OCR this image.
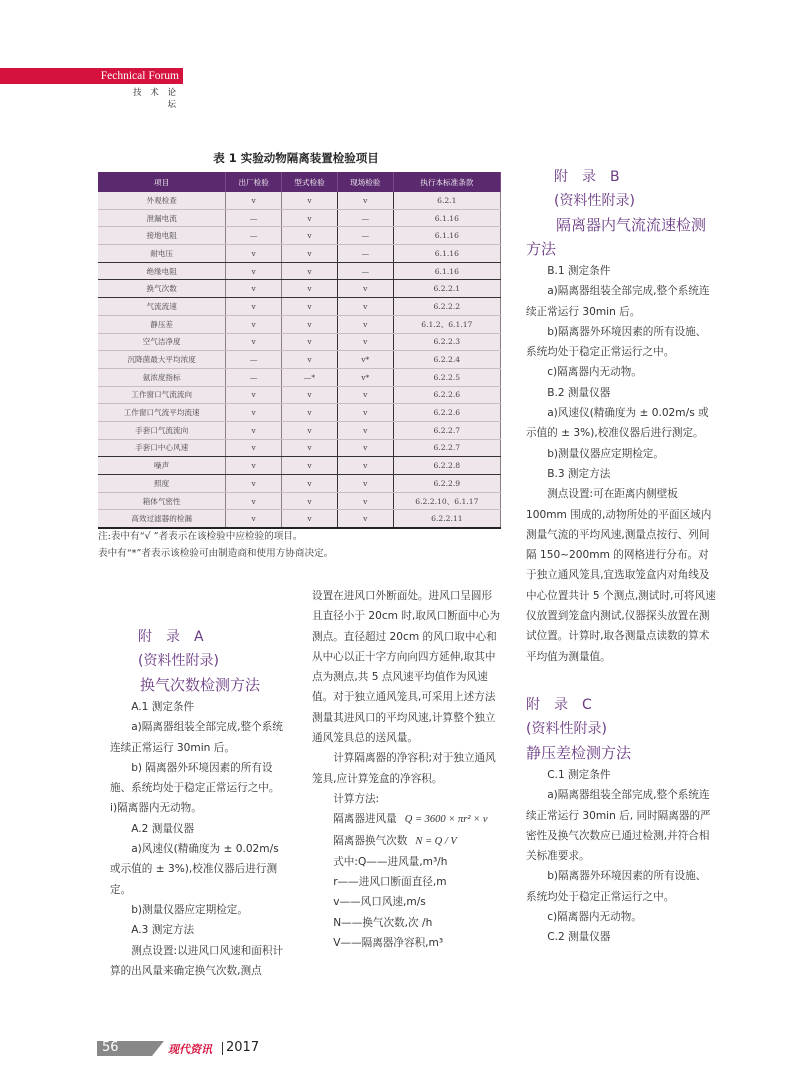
Fechnical Forum
技 术 论 坛
表 1 实验动物隔离装置检验项目
项目	出厂检验	型式检验	现场检验	执行本标准条款
外观检查	v	v	v	6.2.1
泄漏电流	—	v	—	6.1.16
接地电阻	—	v	—	6.1.16
耐电压	v	v	—	6.1.16
绝缘电阻	v	v	—	6.1.16
换气次数	v	v	v	6.2.2.1
气流流速	v	v	v	6.2.2.2
静压差	v	v	v	6.1.2、6.1.17
空气洁净度	v	v	v	6.2.2.3
沉降菌最大平均浓度	—	v	v*	6.2.2.4
氨浓度指标	—	—*	v*	6.2.2.5
工作窗口气流流向	v	v	v	6.2.2.6
工作窗口气流平均流速	v	v	v	6.2.2.6
手套口气流流向	v	v	v	6.2.2.7
手套口中心风速	v	v	v	6.2.2.7
噪声	v	v	v	6.2.2.8
照度	v	v	v	6.2.2.9
箱体气密性	v	v	v	6.2.2.10、6.1.17
高效过滤器的检漏	v	v	v	6.2.2.11
注:表中有“√ ”者表示在该检验中应检验的项目。
表中有“*”者表示该检验可由制造商和使用方协商决定。

附　录　A

(资料性附录)

换气次数检测方法

A.1 测定条件

a)隔离器组装全部完成,整个系统连续正常运行 30min 后。

b) 隔离器外环境因素的所有设施、系统均处于稳定正常运行之中。

i)隔离器内无动物。

A.2 测量仪器

a)风速仪(精确度为 ± 0.02m/s 或示值的 ± 3%),校准仪器后进行测定。

b)测量仪器应定期检定。

A.3 测定方法

测点设置:以进风口风速和面积计算的出风量来确定换气次数,测点

设置在进风口外断面处。进风口呈圆形且直径小于 20cm 时,取风口断面中心为测点。直径超过 20cm 的风口取中心和从中心以正十字方向向四方延伸,取其中点为测点,共 5 点风速平均值作为风速值。对于独立通风笼具,可采用上述方法测量其进风口的平均风速,计算整个独立通风笼具总的送风量。

计算隔离器的净容积;对于独立通风笼具,应计算笼盒的净容积。

计算方法:

隔离器进风量 Q = 3600 × πr² × v

隔离器换气次数 N = Q / V

式中:Q——进风量,m³/h

r——进风口断面直径,m

v——风口风速,m/s

N——换气次数,次 /h

V——隔离器净容积,m³

附　录　B

(资料性附录)

隔离器内气流流速检测方法

B.1 测定条件

a)隔离器组装全部完成,整个系统连续正常运行 30min 后。

b)隔离器外环境因素的所有设施、系统均处于稳定正常运行之中。

c)隔离器内无动物。

B.2 测量仪器

a)风速仪(精确度为 ± 0.02m/s 或示值的 ± 3%),校准仪器后进行测定。

b)测量仪器应定期检定。

B.3 测定方法

测点设置:可在距离内侧壁板 100mm 围成的,动物所处的平面区域内测量气流的平均风速,测量点按行、列间隔 150~200mm 的网格进行分布。对于独立通风笼具,宜选取笼盒内对角线及中心位置共计 5 个测点,测试时,可将风速仪放置到笼盒内测试,仪器探头放置在测试位置。计算时,取各测量点读数的算术平均值为测量值。

附　录　C

(资料性附录)

静压差检测方法

C.1 测定条件

a)隔离器组装全部完成,整个系统连续正常运行 30min 后, 同时隔离器的严密性及换气次数应已通过检测,并符合相关标准要求。

b)隔离器外环境因素的所有设施、系统均处于稳定正常运行之中。

c)隔离器内无动物。

C.2 测量仪器

56	现代资讯 2017
